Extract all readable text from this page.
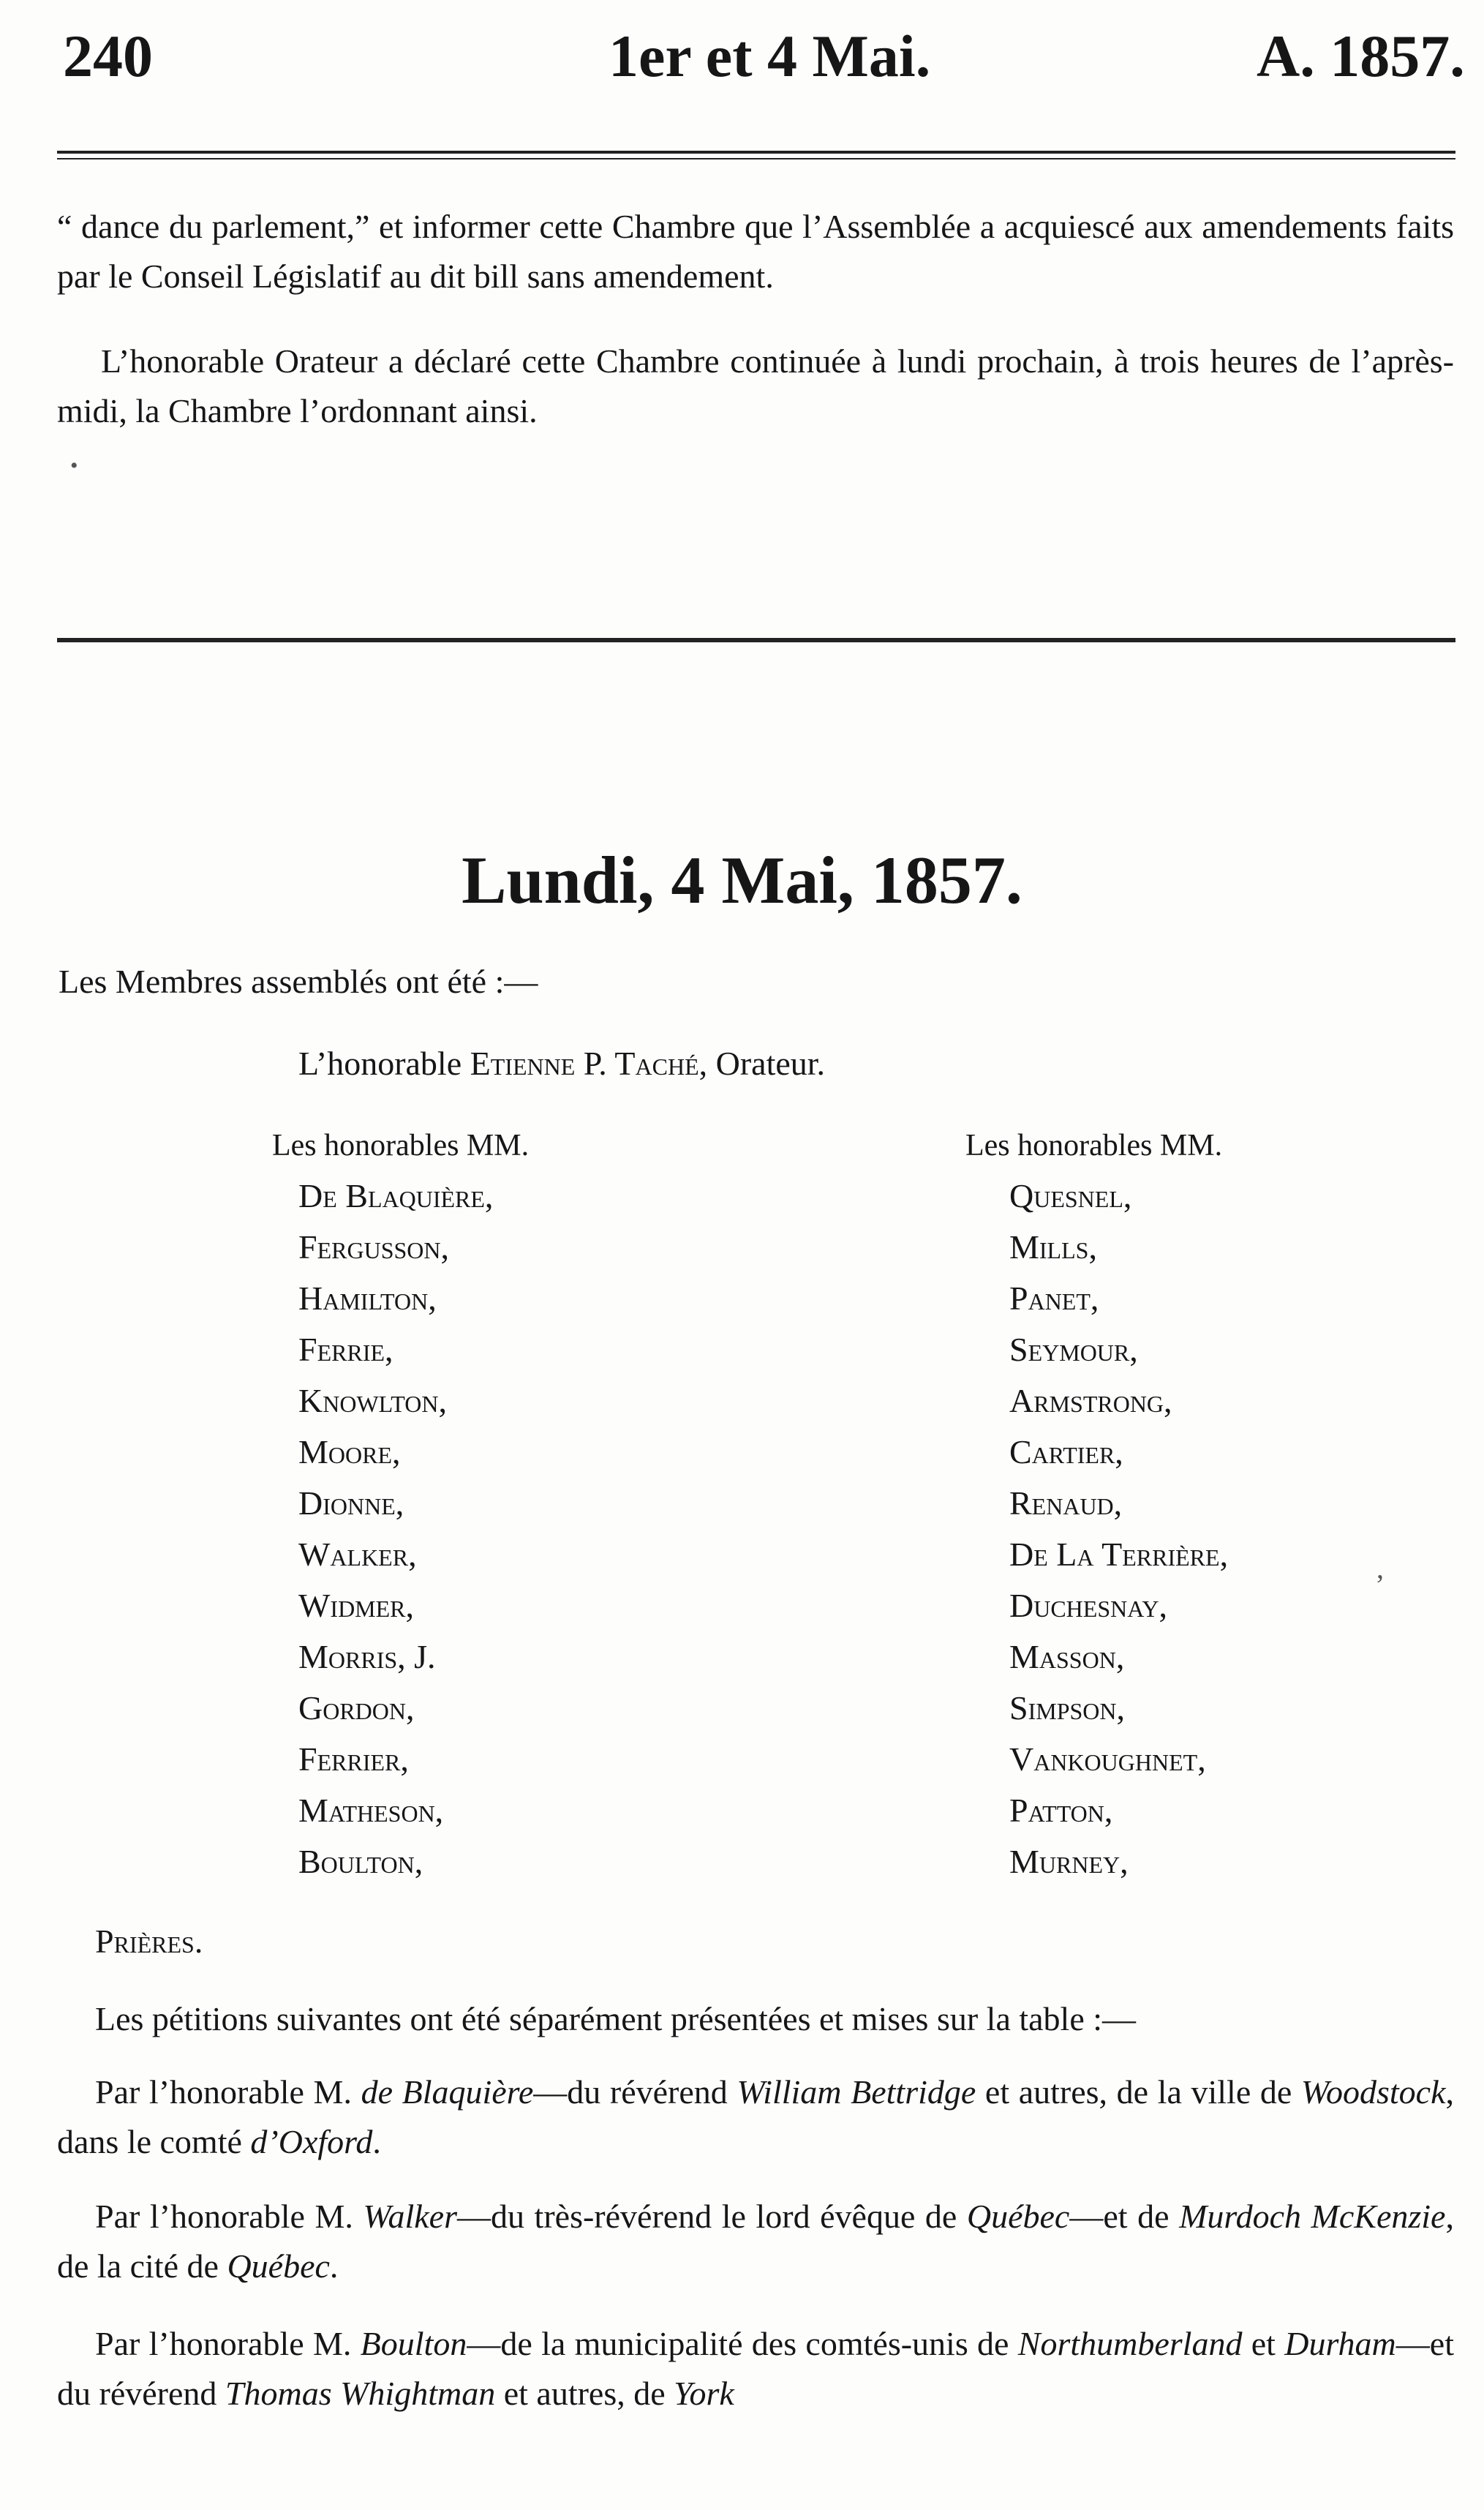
240	1er et 4 Mai.	A. 1857.
“ dance du parlement,” et informer cette Chambre que l’Assemblée a acquiescé aux amendements faits par le Conseil Législatif au dit bill sans amendement.
L’honorable Orateur a déclaré cette Chambre continuée à lundi prochain, à trois heures de l’après-midi, la Chambre l’ordonnant ainsi.
•
Lundi, 4 Mai, 1857.
Les Membres assemblés ont été :—
L’honorable Etienne P. Taché, Orateur.
Les honorables MM.
De Blaquière,
Fergusson,
Hamilton,
Ferrie,
Knowlton,
Moore,
Dionne,
Walker,
Widmer,
Morris, J.
Gordon,
Ferrier,
Matheson,
Boulton,
Les honorables MM.
Quesnel,
Mills,
Panet,
Seymour,
Armstrong,
Cartier,
Renaud,
De La Terrière,
Duchesnay,
Masson,
Simpson,
Vankoughnet,
Patton,
Murney,
,
Prières.
Les pétitions suivantes ont été séparément présentées et mises sur la table :—
Par l’honorable M. de Blaquière—du révérend William Bettridge et autres, de la ville de Woodstock, dans le comté d’Oxford.
Par l’honorable M. Walker—du très-révérend le lord évêque de Québec—et de Murdoch McKenzie, de la cité de Québec.
Par l’honorable M. Boulton—de la municipalité des comtés-unis de Northumberland et Durham—et du révérend Thomas Whightman et autres, de York
